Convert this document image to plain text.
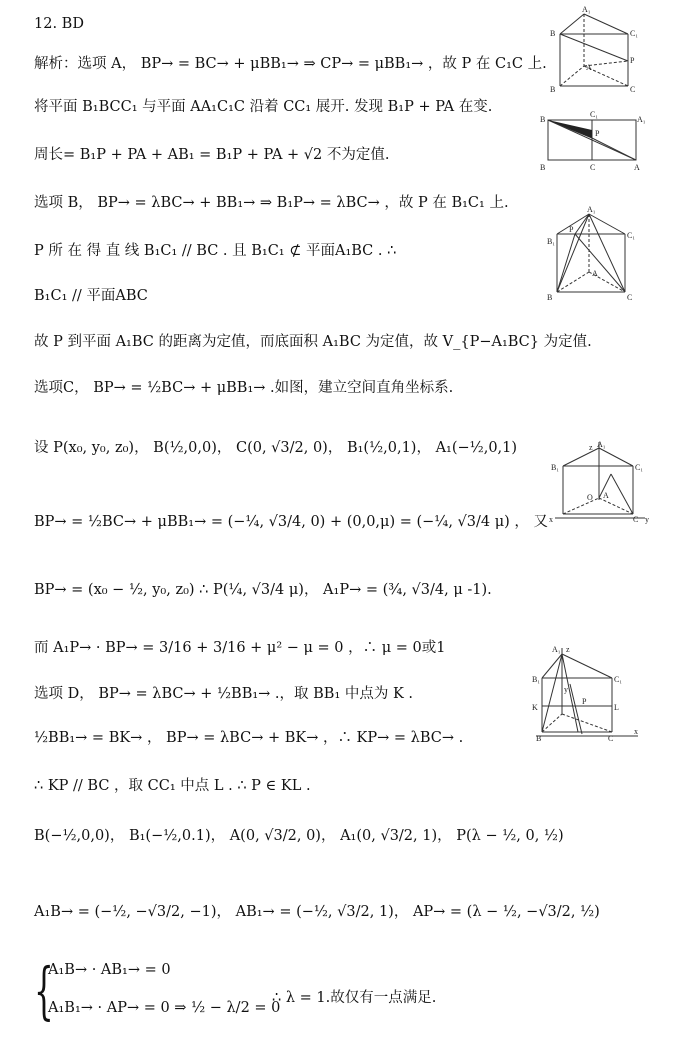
12. BD
解析：选项 A， BP→ = BC→ + μBB₁→ ⇒ CP→ = μBB₁→ ，故 P 在 C₁C 上.
将平面 B₁BCC₁ 与平面 AA₁C₁C 沿着 CC₁ 展开. 发现 B₁P + PA 在变.
周长= B₁P + PA + AB₁ = B₁P + PA + √2 不为定值.
选项 B， BP→ = λBC→ + BB₁→ ⇒ B₁P→ = λBC→ ，故 P 在 B₁C₁ 上.
P 所 在 得 直 线 B₁C₁ // BC . 且 B₁C₁ ⊄ 平面A₁BC . ∴
B₁C₁ // 平面ABC
故 P 到平面 A₁BC 的距离为定值，而底面积 A₁BC 为定值，故 V_{P−A₁BC} 为定值.
选项C， BP→ = ½BC→ + μBB₁→ .如图，建立空间直角坐标系.
设 P(x₀, y₀, z₀)， B(½,0,0)， C(0, √3/2, 0)， B₁(½,0,1)， A₁(−½,0,1)
BP→ = ½BC→ + μBB₁→ = (−¼, √3/4, 0) + (0,0,μ) = (−¼, √3/4 μ) ， 又
BP→ = (x₀ − ½, y₀, z₀) ∴ P(¼, √3/4 μ)， A₁P→ = (¾, √3/4, μ -1).
而 A₁P→ · BP→ = 3/16 + 3/16 + μ² − μ = 0 ，∴ μ = 0或1
选项 D， BP→ = λBC→ + ½BB₁→ .，取 BB₁ 中点为 K .
½BB₁→ = BK→ ， BP→ = λBC→ + BK→ ，∴ KP→ = λBC→ .
∴ KP // BC ，取 CC₁ 中点 L . ∴ P ∈ KL .
B(−½,0,0)， B₁(−½,0.1)， A(0, √3/2, 0)， A₁(0, √3/2, 1)， P(λ − ½, 0, ½)
A₁B→ = (−½, −√3/2, −1)， AB₁→ = (−½, √3/2, 1)， AP→ = (λ − ½, −√3/2, ½)
{
A₁B→ · AB₁→ = 0
A₁B₁→ · AP→ = 0 ⇒ ½ − λ/2 = 0
∴ λ = 1.故仅有一点满足.
A₁
B	C₁
P
A
B	C
C₁
B	A₁
P
B	C	A
A₁
B₁
P
C₁
A
B	C
z A₁
B₁	C₁
O A
x	C y
A₁ z
B₁	C₁
y
K
P
L
B	C
x
